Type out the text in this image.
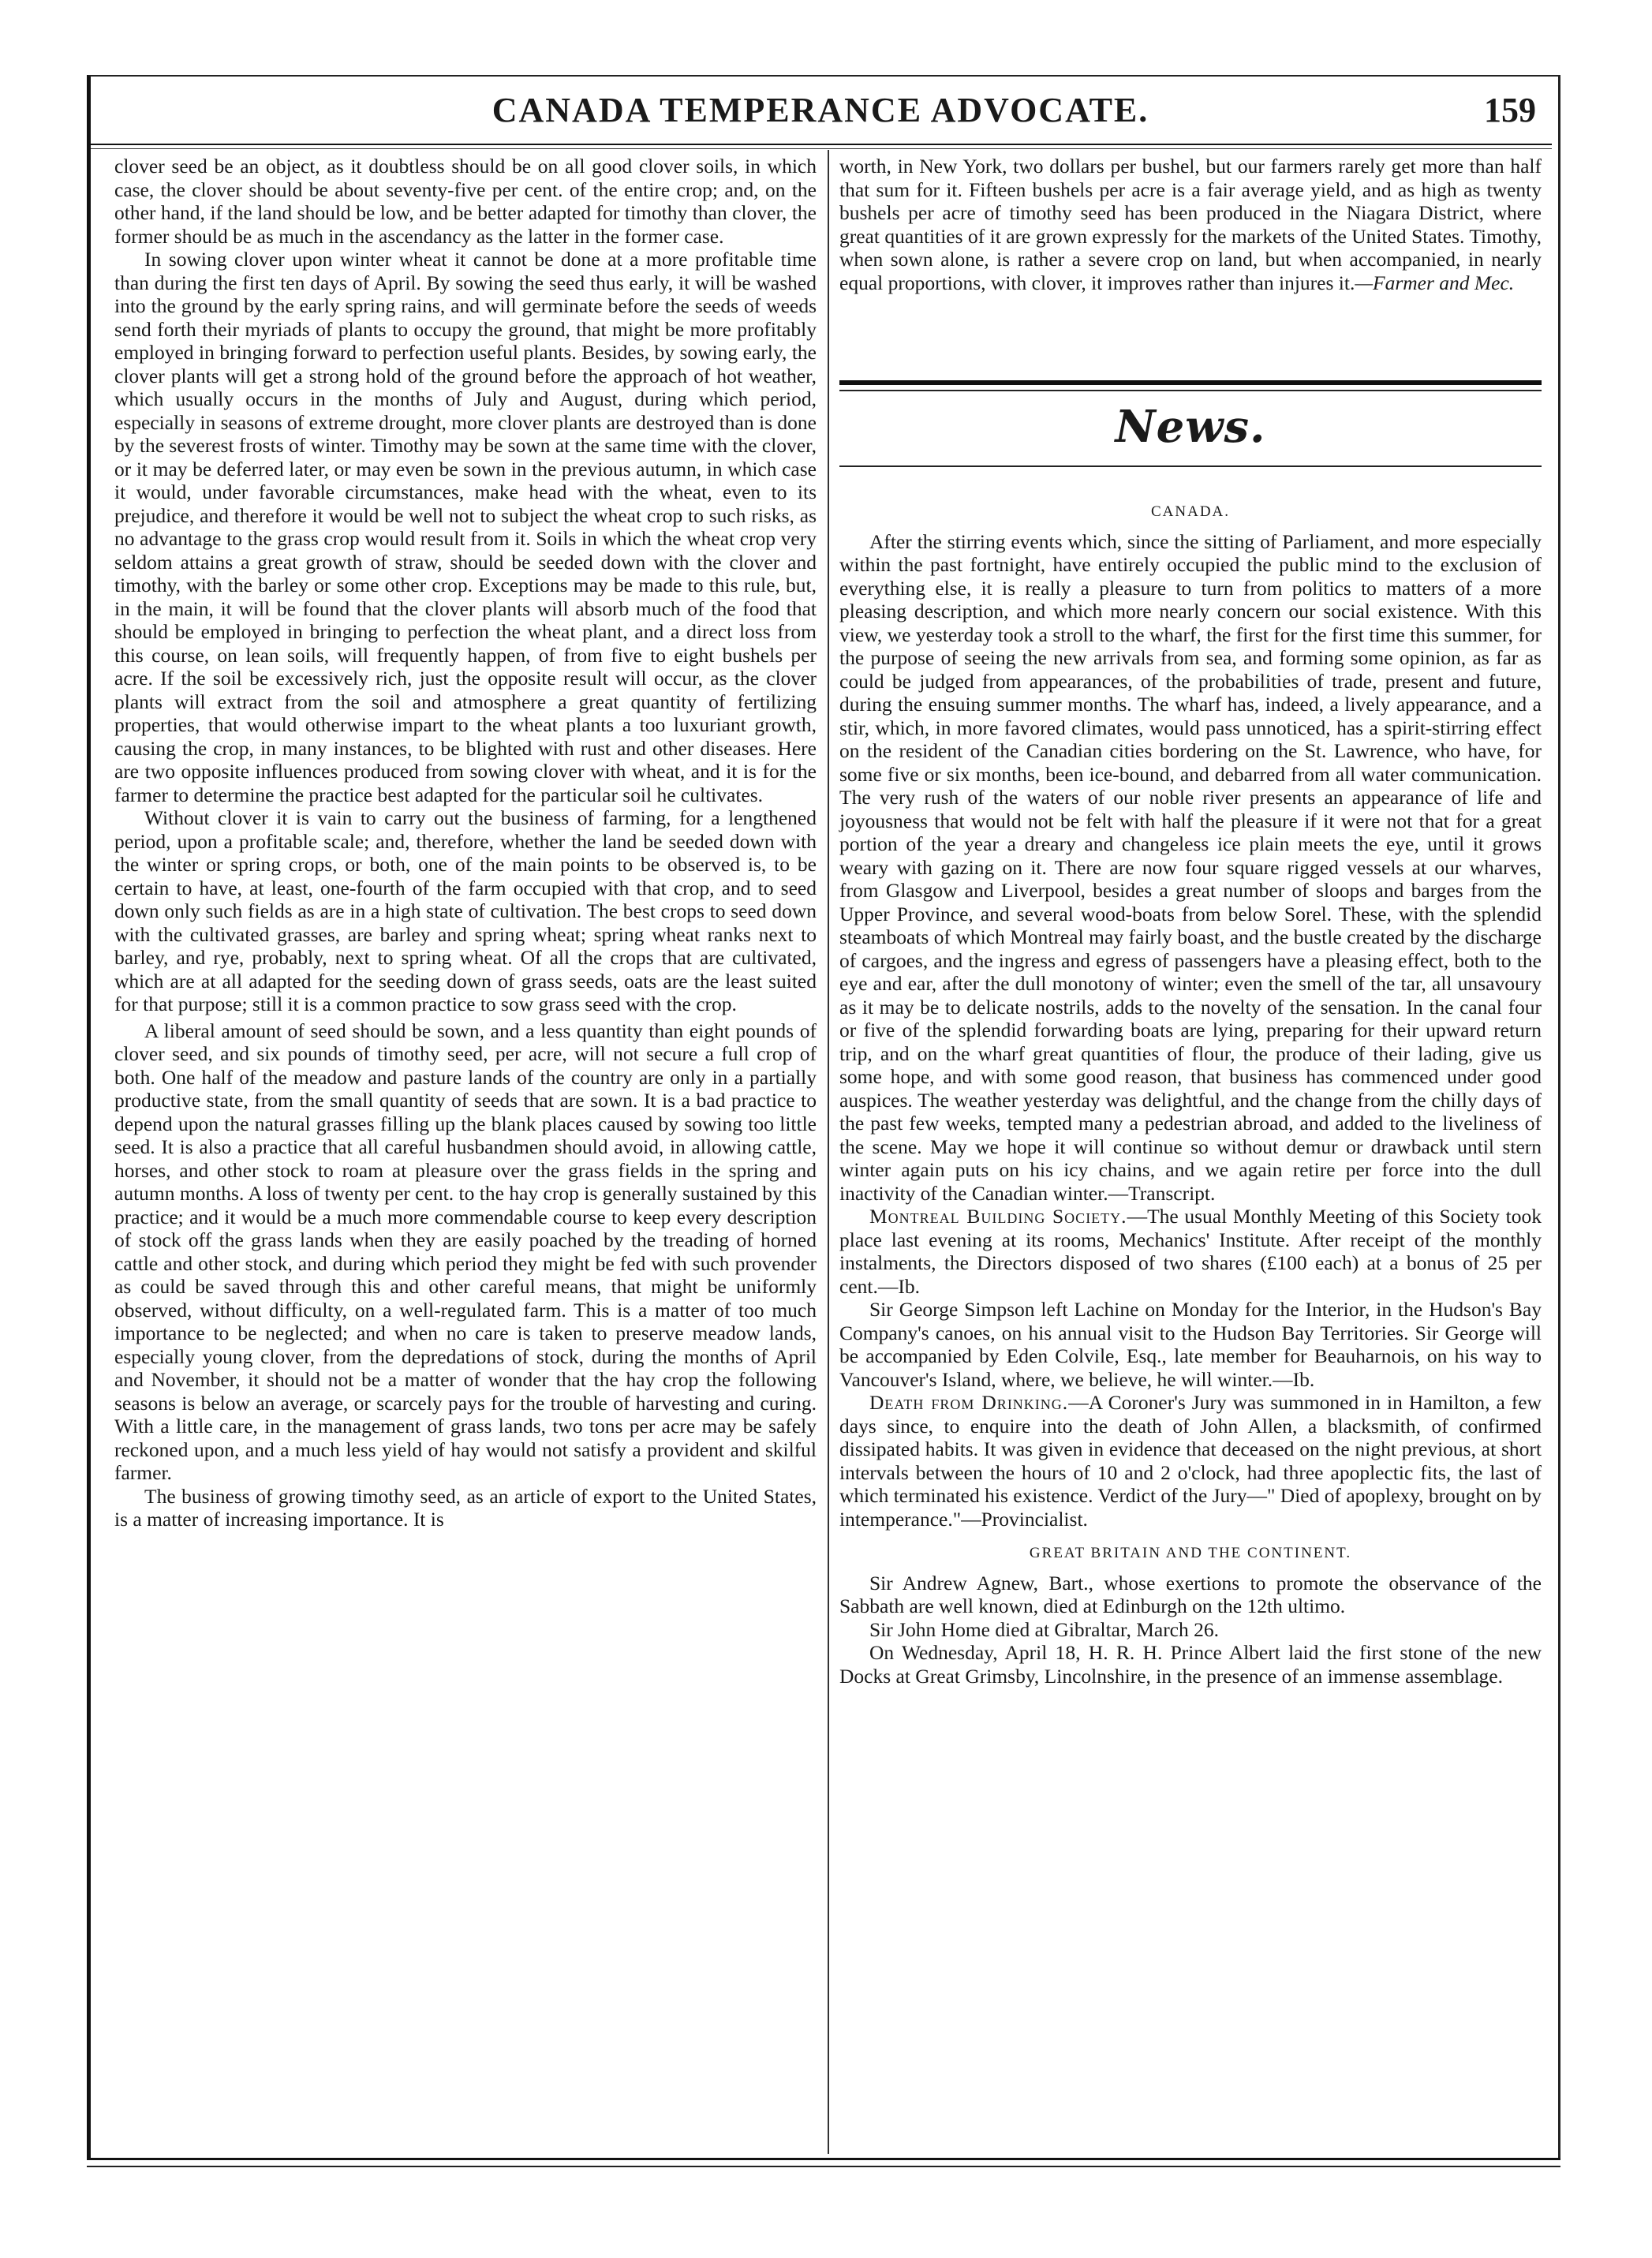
CANADA TEMPERANCE ADVOCATE.	159

clover seed be an object, as it doubtless should be on all good clover soils, in which case, the clover should be about seventy-five per cent. of the entire crop; and, on the other hand, if the land should be low, and be better adapted for timothy than clover, the former should be as much in the ascendancy as the latter in the former case.

In sowing clover upon winter wheat it cannot be done at a more profitable time than during the first ten days of April. By sowing the seed thus early, it will be washed into the ground by the early spring rains, and will germinate before the seeds of weeds send forth their myriads of plants to occupy the ground, that might be more profitably employed in bringing forward to perfection useful plants. Besides, by sowing early, the clover plants will get a strong hold of the ground before the approach of hot weather, which usually occurs in the months of July and August, during which period, especially in seasons of extreme drought, more clover plants are destroyed than is done by the severest frosts of winter. Timothy may be sown at the same time with the clover, or it may be deferred later, or may even be sown in the previous autumn, in which case it would, under favorable circumstances, make head with the wheat, even to its prejudice, and therefore it would be well not to subject the wheat crop to such risks, as no advantage to the grass crop would result from it. Soils in which the wheat crop very seldom attains a great growth of straw, should be seeded down with the clover and timothy, with the barley or some other crop. Exceptions may be made to this rule, but, in the main, it will be found that the clover plants will absorb much of the food that should be employed in bringing to perfection the wheat plant, and a direct loss from this course, on lean soils, will frequently happen, of from five to eight bushels per acre. If the soil be excessively rich, just the opposite result will occur, as the clover plants will extract from the soil and atmosphere a great quantity of fertilizing properties, that would otherwise impart to the wheat plants a too luxuriant growth, causing the crop, in many instances, to be blighted with rust and other diseases. Here are two opposite influences produced from sowing clover with wheat, and it is for the farmer to determine the practice best adapted for the particular soil he cultivates.

Without clover it is vain to carry out the business of farming, for a lengthened period, upon a profitable scale; and, therefore, whether the land be seeded down with the winter or spring crops, or both, one of the main points to be observed is, to be certain to have, at least, one-fourth of the farm occupied with that crop, and to seed down only such fields as are in a high state of cultivation. The best crops to seed down with the cultivated grasses, are barley and spring wheat; spring wheat ranks next to barley, and rye, probably, next to spring wheat. Of all the crops that are cultivated, which are at all adapted for the seeding down of grass seeds, oats are the least suited for that purpose; still it is a common practice to sow grass seed with the crop.

A liberal amount of seed should be sown, and a less quantity than eight pounds of clover seed, and six pounds of timothy seed, per acre, will not secure a full crop of both. One half of the meadow and pasture lands of the country are only in a partially productive state, from the small quantity of seeds that are sown. It is a bad practice to depend upon the natural grasses filling up the blank places caused by sowing too little seed. It is also a practice that all careful husbandmen should avoid, in allowing cattle, horses, and other stock to roam at pleasure over the grass fields in the spring and autumn months. A loss of twenty per cent. to the hay crop is generally sustained by this practice; and it would be a much more commendable course to keep every description of stock off the grass lands when they are easily poached by the treading of horned cattle and other stock, and during which period they might be fed with such provender as could be saved through this and other careful means, that might be uniformly observed, without difficulty, on a well-regulated farm. This is a matter of too much importance to be neglected; and when no care is taken to preserve meadow lands, especially young clover, from the depredations of stock, during the months of April and November, it should not be a matter of wonder that the hay crop the following seasons is below an average, or scarcely pays for the trouble of harvesting and curing. With a little care, in the management of grass lands, two tons per acre may be safely reckoned upon, and a much less yield of hay would not satisfy a provident and skilful farmer.

The business of growing timothy seed, as an article of export to the United States, is a matter of increasing importance. It is

worth, in New York, two dollars per bushel, but our farmers rarely get more than half that sum for it. Fifteen bushels per acre is a fair average yield, and as high as twenty bushels per acre of timothy seed has been produced in the Niagara District, where great quantities of it are grown expressly for the markets of the United States. Timothy, when sown alone, is rather a severe crop on land, but when accompanied, in nearly equal proportions, with clover, it improves rather than injures it.—Farmer and Mec.

News.
CANADA.

After the stirring events which, since the sitting of Parliament, and more especially within the past fortnight, have entirely occupied the public mind to the exclusion of everything else, it is really a pleasure to turn from politics to matters of a more pleasing description, and which more nearly concern our social existence. With this view, we yesterday took a stroll to the wharf, the first for the first time this summer, for the purpose of seeing the new arrivals from sea, and forming some opinion, as far as could be judged from appearances, of the probabilities of trade, present and future, during the ensuing summer months. The wharf has, indeed, a lively appearance, and a stir, which, in more favored climates, would pass unnoticed, has a spirit-stirring effect on the resident of the Canadian cities bordering on the St. Lawrence, who have, for some five or six months, been ice-bound, and debarred from all water communication. The very rush of the waters of our noble river presents an appearance of life and joyousness that would not be felt with half the pleasure if it were not that for a great portion of the year a dreary and changeless ice plain meets the eye, until it grows weary with gazing on it. There are now four square rigged vessels at our wharves, from Glasgow and Liverpool, besides a great number of sloops and barges from the Upper Province, and several wood-boats from below Sorel. These, with the splendid steamboats of which Montreal may fairly boast, and the bustle created by the discharge of cargoes, and the ingress and egress of passengers have a pleasing effect, both to the eye and ear, after the dull monotony of winter; even the smell of the tar, all unsavoury as it may be to delicate nostrils, adds to the novelty of the sensation. In the canal four or five of the splendid forwarding boats are lying, preparing for their upward return trip, and on the wharf great quantities of flour, the produce of their lading, give us some hope, and with some good reason, that business has commenced under good auspices. The weather yesterday was delightful, and the change from the chilly days of the past few weeks, tempted many a pedestrian abroad, and added to the liveliness of the scene. May we hope it will continue so without demur or drawback until stern winter again puts on his icy chains, and we again retire per force into the dull inactivity of the Canadian winter.—Transcript.

Montreal Building Society.—The usual Monthly Meeting of this Society took place last evening at its rooms, Mechanics' Institute. After receipt of the monthly instalments, the Directors disposed of two shares (£100 each) at a bonus of 25 per cent.—Ib.

Sir George Simpson left Lachine on Monday for the Interior, in the Hudson's Bay Company's canoes, on his annual visit to the Hudson Bay Territories. Sir George will be accompanied by Eden Colvile, Esq., late member for Beauharnois, on his way to Vancouver's Island, where, we believe, he will winter.—Ib.

Death from Drinking.—A Coroner's Jury was summoned in in Hamilton, a few days since, to enquire into the death of John Allen, a blacksmith, of confirmed dissipated habits. It was given in evidence that deceased on the night previous, at short intervals between the hours of 10 and 2 o'clock, had three apoplectic fits, the last of which terminated his existence. Verdict of the Jury—" Died of apoplexy, brought on by intemperance."—Provincialist.

GREAT BRITAIN AND THE CONTINENT.

Sir Andrew Agnew, Bart., whose exertions to promote the observance of the Sabbath are well known, died at Edinburgh on the 12th ultimo.

Sir John Home died at Gibraltar, March 26.

On Wednesday, April 18, H. R. H. Prince Albert laid the first stone of the new Docks at Great Grimsby, Lincolnshire, in the presence of an immense assemblage.
